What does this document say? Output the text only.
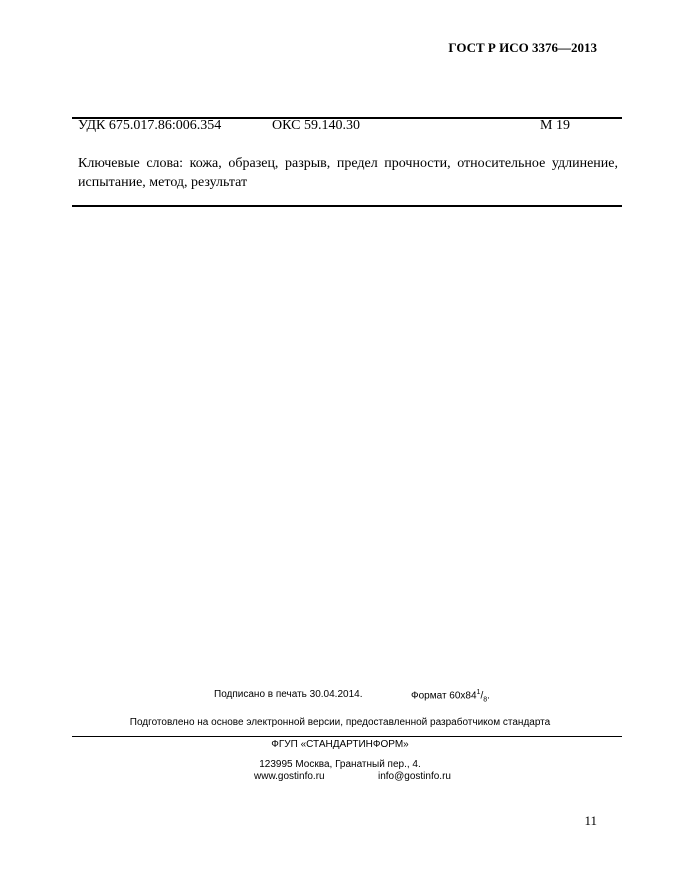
ГОСТ Р ИСО 3376—2013
УДК 675.017.86:006.354	ОКС 59.140.30	М 19
Ключевые слова: кожа, образец, разрыв, предел прочности, относительное удлинение, испытание, метод, результат
Подписано в печать 30.04.2014.	Формат $60х84^1/_8$.
Подготовлено на основе электронной версии, предоставленной разработчиком стандарта
ФГУП «СТАНДАРТИНФОРМ»
123995 Москва, Гранатный пер., 4.
www.gostinfo.ru	info@gostinfo.ru
11
